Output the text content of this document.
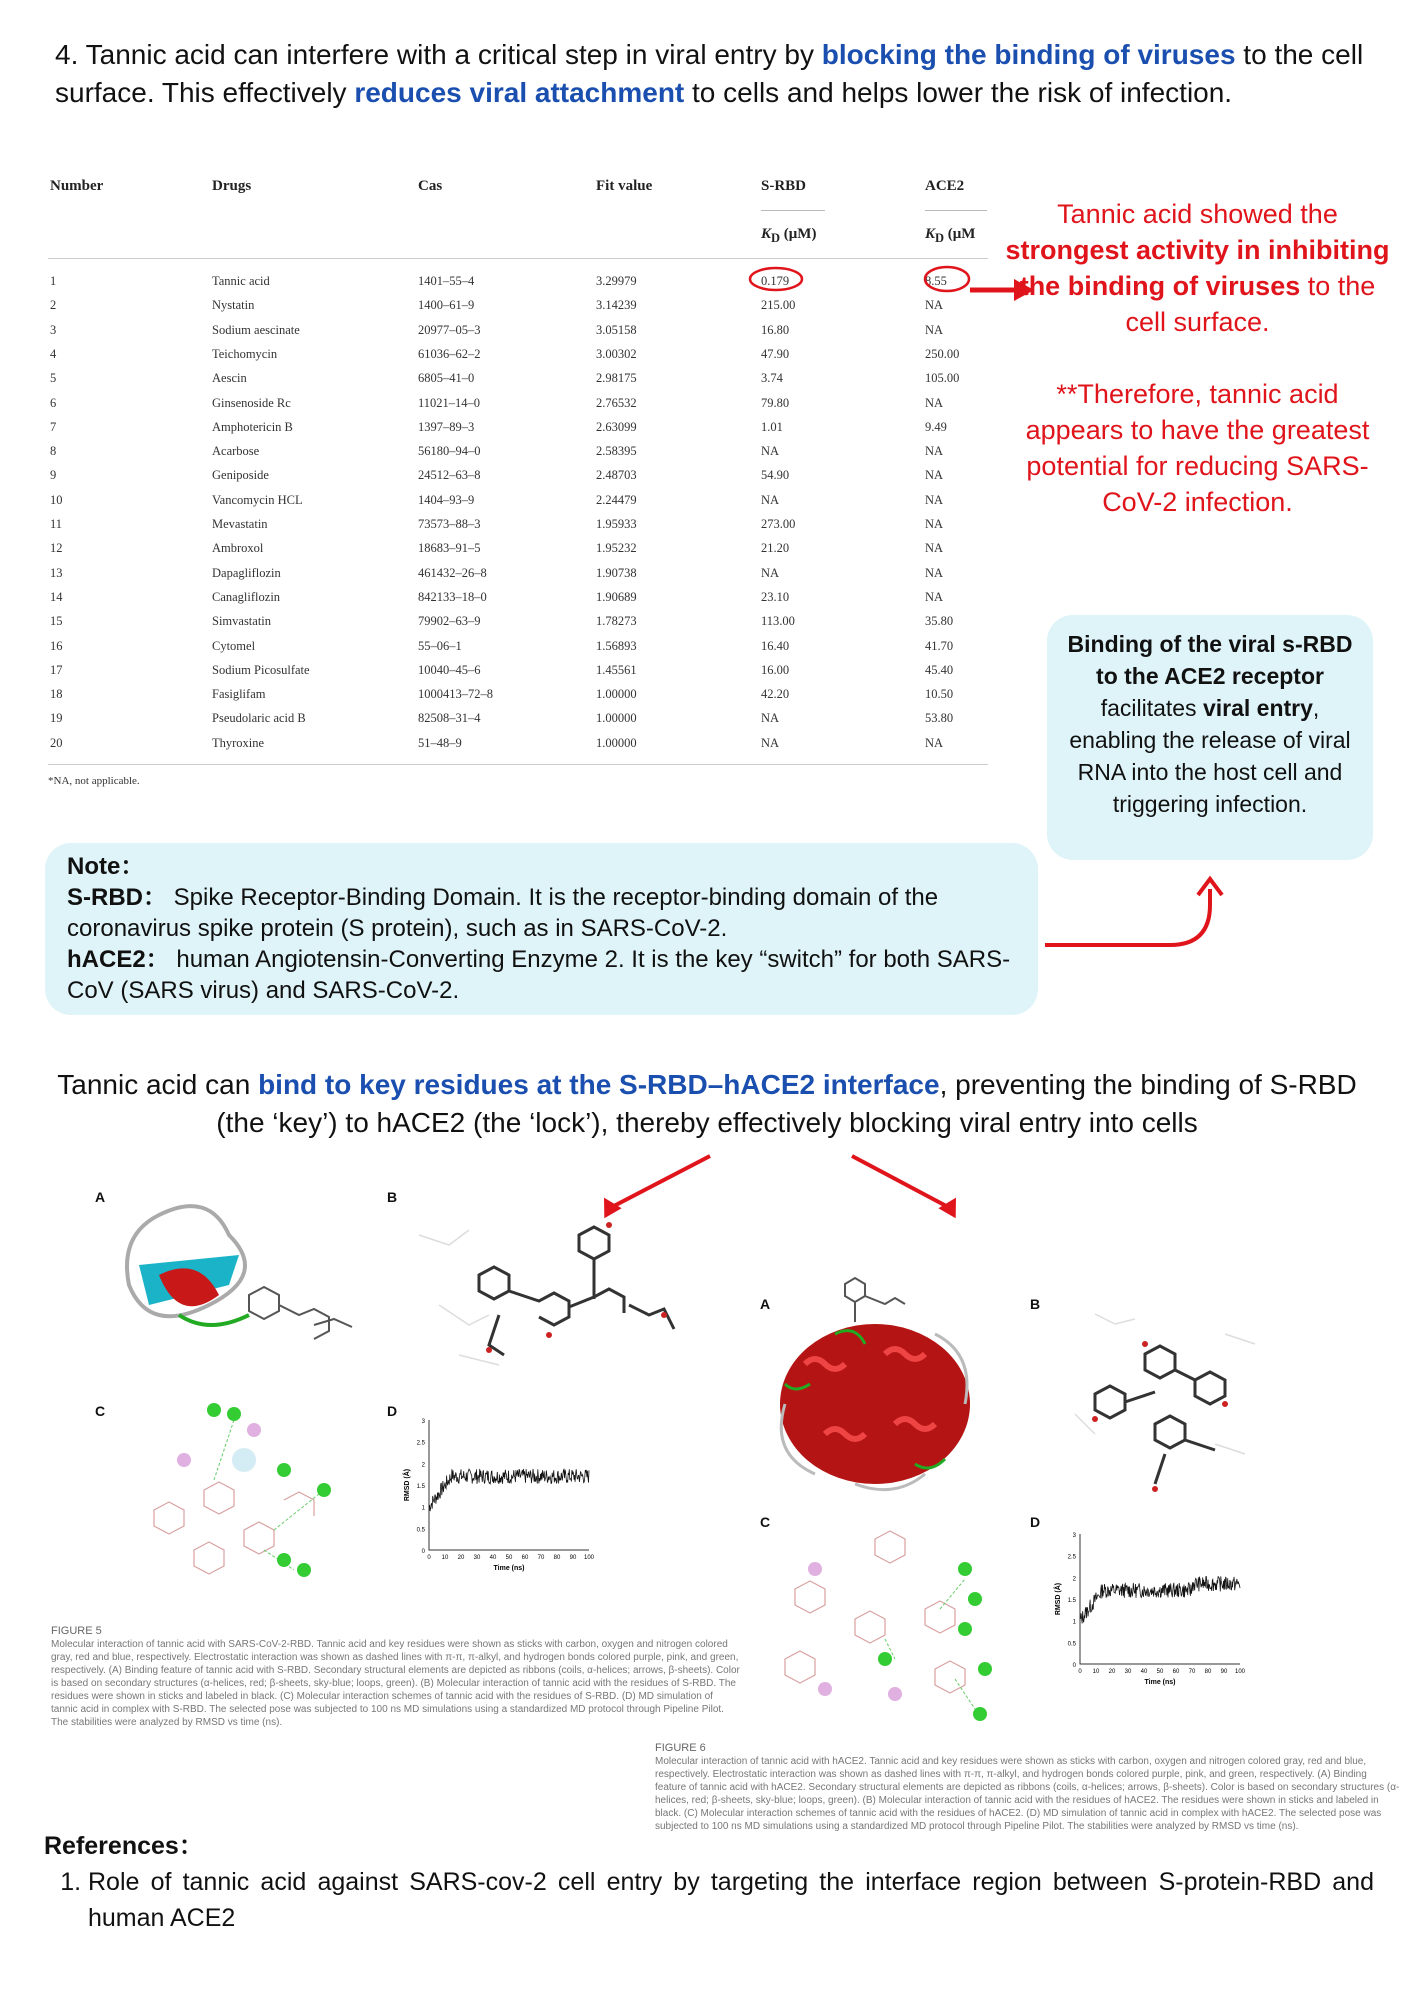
4. Tannic acid can interfere with a critical step in viral entry by blocking the binding of viruses to the cell surface. This effectively reduces viral attachment to cells and helps lower the risk of infection.
Number	Drugs	Cas	Fit value	S-RBD	ACE2
$K_D$ (μM)	$K_D$ (μM
1	Tannic acid	1401–55–4	3.29979	0.179	8.55
2	Nystatin	1400–61–9	3.14239	215.00	NA
3	Sodium aescinate	20977–05–3	3.05158	16.80	NA
4	Teichomycin	61036–62–2	3.00302	47.90	250.00
5	Aescin	6805–41–0	2.98175	3.74	105.00
6	Ginsenoside Rc	11021–14–0	2.76532	79.80	NA
7	Amphotericin B	1397–89–3	2.63099	1.01	9.49
8	Acarbose	56180–94–0	2.58395	NA	NA
9	Geniposide	24512–63–8	2.48703	54.90	NA
10	Vancomycin HCL	1404–93–9	2.24479	NA	NA
11	Mevastatin	73573–88–3	1.95933	273.00	NA
12	Ambroxol	18683–91–5	1.95232	21.20	NA
13	Dapagliflozin	461432–26–8	1.90738	NA	NA
14	Canagliflozin	842133–18–0	1.90689	23.10	NA
15	Simvastatin	79902–63–9	1.78273	113.00	35.80
16	Cytomel	55–06–1	1.56893	16.40	41.70
17	Sodium Picosulfate	10040–45–6	1.45561	16.00	45.40
18	Fasiglifam	1000413–72–8	1.00000	42.20	10.50
19	Pseudolaric acid B	82508–31–4	1.00000	NA	53.80
20	Thyroxine	51–48–9	1.00000	NA	NA
*NA, not applicable.

Tannic acid showed the strongest activity in inhibiting the binding of viruses to the cell surface.

**Therefore, tannic acid appears to have the greatest potential for reducing SARS-CoV-2 infection.

Binding of the viral s-RBD to the ACE2 receptor facilitates viral entry, enabling the release of viral RNA into the host cell and triggering infection.
Note：
S-RBD： Spike Receptor-Binding Domain. It is the receptor-binding domain of the coronavirus spike protein (S protein), such as in SARS-CoV-2.
hACE2： human Angiotensin-Converting Enzyme 2. It is the key “switch” for both SARS-CoV (SARS virus) and SARS-CoV-2.
Tannic acid can bind to key residues at the S-RBD–hACE2 interface, preventing the binding of S-RBD (the ‘key’) to hACE2 (the ‘lock’), thereby effectively blocking viral entry into cells
A	B
C	D
0
0.5
1
1.5
2
2.5
3
0 10 20 30 40 50 60 70 80 90 100
Time (ns)
RMSD (Å)
FIGURE 5
Molecular interaction of tannic acid with SARS-CoV-2-RBD. Tannic acid and key residues were shown as sticks with carbon, oxygen and nitrogen colored gray, red and blue, respectively. Electrostatic interaction was shown as dashed lines with π-π, π-alkyl, and hydrogen bonds colored purple, pink, and green, respectively. (A) Binding feature of tannic acid with S-RBD. Secondary structural elements are depicted as ribbons (coils, α-helices; arrows, β-sheets). Color is based on secondary structures (α-helices, red; β-sheets, sky-blue; loops, green). (B) Molecular interaction of tannic acid with the residues of S-RBD. The residues were shown in sticks and labeled in black. (C) Molecular interaction schemes of tannic acid with the residues of S-RBD. (D) MD simulation of tannic acid in complex with S-RBD. The selected pose was subjected to 100 ns MD simulations using a standardized MD protocol through Pipeline Pilot. The stabilities were analyzed by RMSD vs time (ns).
A	B
C	D
0
0.5
1
1.5
2
2.5
3
0 10 20 30 40 50 60 70 80 90 100
Time (ns)
RMSD (Å)
FIGURE 6
Molecular interaction of tannic acid with hACE2. Tannic acid and key residues were shown as sticks with carbon, oxygen and nitrogen colored gray, red and blue, respectively. Electrostatic interaction was shown as dashed lines with π-π, π-alkyl, and hydrogen bonds colored purple, pink, and green, respectively. (A) Binding feature of tannic acid with hACE2. Secondary structural elements are depicted as ribbons (coils, α-helices; arrows, β-sheets). Color is based on secondary structures (α-helices, red; β-sheets, sky-blue; loops, green). (B) Molecular interaction of tannic acid with the residues of hACE2. The residues were shown in sticks and labeled in black. (C) Molecular interaction schemes of tannic acid with the residues of hACE2. (D) MD simulation of tannic acid in complex with hACE2. The selected pose was subjected to 100 ns MD simulations using a standardized MD protocol through Pipeline Pilot. The stabilities were analyzed by RMSD vs time (ns).
References：
1. Role of tannic acid against SARS-cov-2 cell entry by targeting the interface region between S-protein-RBD and human ACE2
